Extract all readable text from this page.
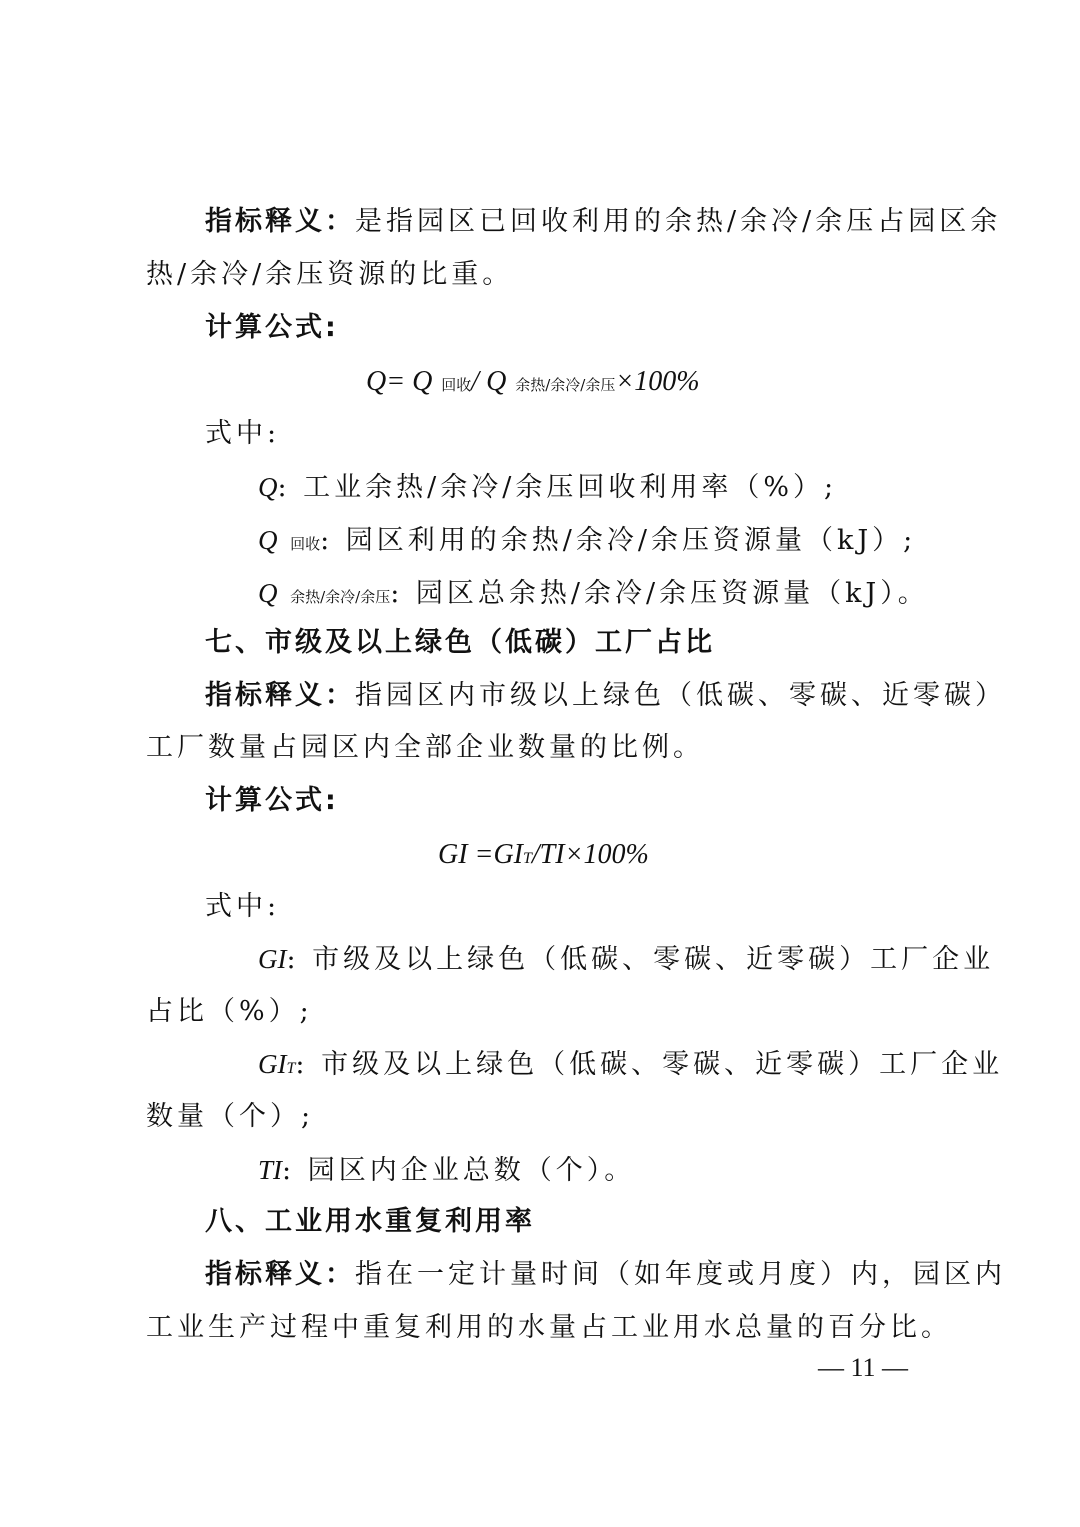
指标释义：是指园区已回收利用的余热/余冷/余压占园区余
热/余冷/余压资源的比重。
计算公式:
Q= Q 回收/ Q 余热/余冷/余压×100%
式中:
Q: 工业余热/余冷/余压回收利用率（%）;
Q 回收: 园区利用的余热/余冷/余压资源量（kJ）;
Q 余热/余冷/余压: 园区总余热/余冷/余压资源量（kJ）。
七、市级及以上绿色（低碳）工厂占比
指标释义：指园区内市级以上绿色（低碳、零碳、近零碳）
工厂数量占园区内全部企业数量的比例。
计算公式:
GI =GIT/TI×100%
式中:
GI: 市级及以上绿色（低碳、零碳、近零碳）工厂企业
占比（%）;
GIT: 市级及以上绿色（低碳、零碳、近零碳）工厂企业
数量（个）;
TI: 园区内企业总数（个）。
八、工业用水重复利用率
指标释义：指在一定计量时间（如年度或月度）内，园区内
工业生产过程中重复利用的水量占工业用水总量的百分比。
— 11 —
